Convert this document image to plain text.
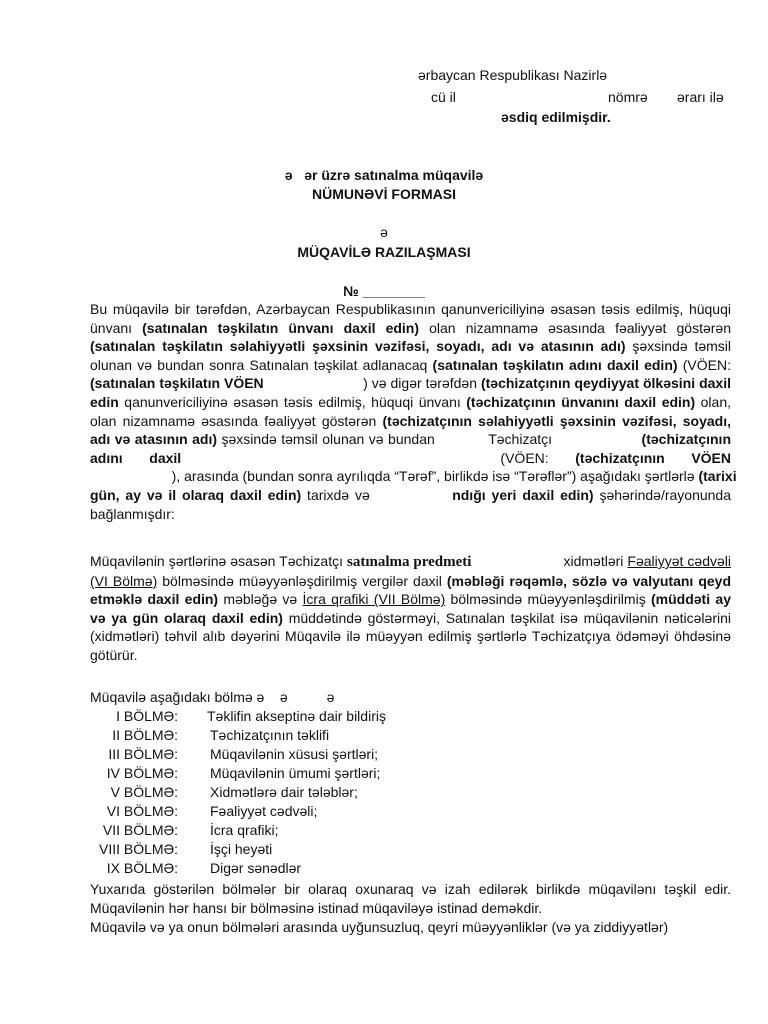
ərbaycan Respublikası Nazirlə
cü il	nömrə ərarı ilə
əsdiq edilmişdir.
ə   ər üzrə satınalma müqavilə
NÜMUNƏVİ FORMASI
ə
MÜQAVİLƏ RAZILAŞMASI
№ ________
Bu müqavilə bir tərəfdən, Azərbaycan Respublikasının qanunvericiliyinə əsasən təsis edilmiş, hüquqi ünvanı (satınalan təşkilatın ünvanı daxil edin) olan nizamnamə əsasında fəaliyyət göstərən (satınalan təşkilatın səlahiyyətli şəxsinin vəzifəsi, soyadı, adı və atasının adı) şəxsində təmsil olunan və bundan sonra Satınalan təşkilat adlanacaq (satınalan təşkilatın adını daxil edin) (VÖEN: (satınalan təşkilatın VÖEN                         ) və digər tərəfdən (təchizatçının qeydiyyat ölkəsini daxil edin qanunvericiliyinə əsasən təsis edilmiş, hüquqi ünvanı (təchizatçının ünvanını daxil edin) olan, olan nizamnamə əsasında fəaliyyət göstərən (təchizatçının səlahiyyətli şəxsinin vəzifəsi, soyadı, adı və atasının adı) şəxsində təmsil olunan və bundan            Təchizatçı                    (təchizatçının adını daxil            (VÖEN: (təchizatçının VÖEN                     ), arasında (bundan sonra ayrılıqda “Tərəf”, birlikdə isə “Tərəflər”) aşağıdakı şərtlərlə (tarixi gün, ay və il olaraq daxil edin) tarixdə və              ndığı yeri daxil edin) şəhərində/rayonunda bağlanmışdır:
Müqavilənin şərtlərinə əsasən Təchizatçı satınalma predmeti                       xidmətləri Fəaliyyət cədvəli (VI Bölmə) bölməsində müəyyənləşdirilmiş vergilər daxil (məbləği rəqəmlə, sözlə və valyutanı qeyd etməklə daxil edin) məbləğə və İcra qrafiki (VII Bölmə) bölməsində müəyyənləşdirilmiş (müddəti ay və ya gün olaraq daxil edin) müddətində göstərməyi, Satınalan təşkilat isə müqavilənin nəticələrini (xidmətləri) təhvil alıb dəyərini Müqavilə ilə müəyyən edilmiş şərtlərlə Təchizatçıya ödəməyi öhdəsinə götürür.
Müqavilə aşağıdakı bölmə ə    ə          ə
I BÖLMƏ: Təklifin akseptinə dair bildiriş
II BÖLMƏ: Təchizatçının təklifi
III BÖLMƏ: Müqavilənin xüsusi şərtləri;
IV BÖLMƏ: Müqavilənin ümumi şərtləri;
V BÖLMƏ: Xidmətlərə dair tələblər;
VI BÖLMƏ: Fəaliyyət cədvəli;
VII BÖLMƏ: İcra qrafiki;
VIII BÖLMƏ: İşçi heyəti
IX BÖLMƏ: Digər sənədlər
Yuxarıda göstərilən bölmələr bir olaraq oxunaraq və izah edilərək birlikdə müqavilənı təşkil edir. Müqavilənin hər hansı bir bölməsinə istinad müqaviləyə istinad deməkdir.
Müqavilə və ya onun bölmələri arasında uyğunsuzluq, qeyri müəyyənliklər (və ya ziddiyyətlər)
